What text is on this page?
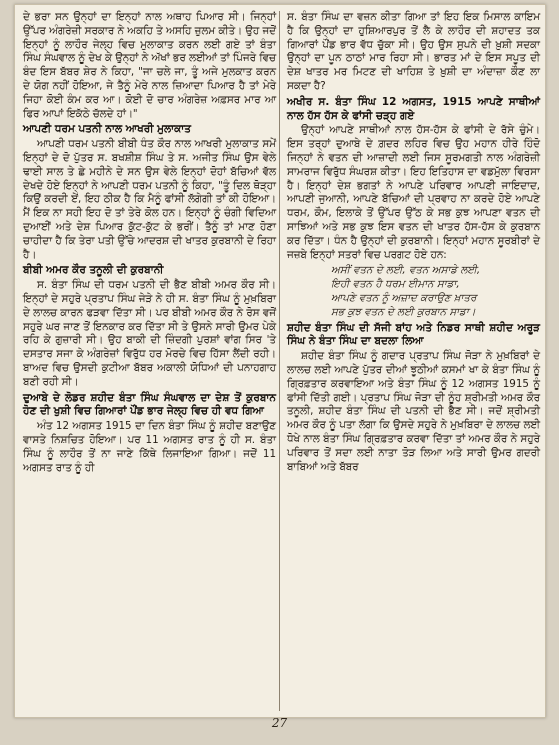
ਦੇ ਭਰਾ ਸਨ ਉਨ੍ਹਾਂ ਦਾ ਇਨ੍ਹਾਂ ਨਾਲ ਅਥਾਹ ਪਿਆਰ ਸੀ। ਜਿਨ੍ਹਾਂ ਉੱਪਰ ਅੰਗਰੇਜ਼ੀ ਸਰਕਾਰ ਨੇ ਅਕਹਿ ਤੇ ਅਸਹਿ ਜ਼ੁਲਮ ਕੀਤੇ। ਉਹ ਜਦੋਂ ਇਨ੍ਹਾਂ ਨੂੰ ਲਾਹੌਰ ਜੇਲ੍ਹ ਵਿਚ ਮੁਲਾਕਾਤ ਕਰਨ ਲਈ ਗਏ ਤਾਂ ਬੰਤਾ ਸਿੰਘ ਸੰਘਵਾਲ ਨੂੰ ਦੇਖ ਕੇ ਉਨ੍ਹਾਂ ਨੇ ਅੱਖਾਂ ਭਰ ਲਈਆਂ ਤਾਂ ਪਿੰਜਰੇ ਵਿਚ ਬੰਦ ਇਸ ਬੱਬਰ ਸ਼ੇਰ ਨੇ ਕਿਹਾ, "ਜਾ ਚਲੇ ਜਾ, ਤੂੰ ਅਜੇ ਮੁਲਕਾਤ ਕਰਨ ਦੇ ਯੋਗ ਨਹੀਂ ਹੋਇਆ, ਜੇ ਤੈਨੂੰ ਮੇਰੇ ਨਾਲ ਜ਼ਿਆਦਾ ਪਿਆਰ ਹੈ ਤਾਂ ਮੇਰੇ ਜਿਹਾ ਕੋਈ ਕੰਮ ਕਰ ਆ। ਕੋਈ ਦੋ ਚਾਰ ਅੰਗਰੇਜ਼ ਅਫ਼ਸਰ ਮਾਰ ਆ ਫਿਰ ਆਪਾਂ ਇਕੱਠੇ ਚੱਲਦੇ ਹਾਂ।"

ਆਪਣੀ ਧਰਮ ਪਤਨੀ ਨਾਲ ਆਖਰੀ ਮੁਲਾਕਾਤ

ਆਪਣੀ ਧਰਮ ਪਤਨੀ ਬੀਬੀ ਧੰਤ ਕੌਰ ਨਾਲ ਆਖਰੀ ਮੁਲਾਕਾਤ ਸਮੇਂ ਇਨ੍ਹਾਂ ਦੇ ਦੋ ਪੁੱਤਰ ਸ. ਬਖਸ਼ੀਸ਼ ਸਿੰਘ ਤੇ ਸ. ਅਜੀਤ ਸਿੰਘ ਉਸ ਵੇਲੇ ਢਾਈ ਸਾਲ ਤੇ ਛੇ ਮਹੀਨੇ ਦੇ ਸਨ ਉਸ ਵੇਲੇ ਇਨ੍ਹਾਂ ਦੋਹਾਂ ਬੱਚਿਆਂ ਵੱਲ ਦੇਖਦੇ ਹੋਏ ਇਨ੍ਹਾਂ ਨੇ ਆਪਣੀ ਧਰਮ ਪਤਨੀ ਨੂੰ ਕਿਹਾ, "ਤੂੰ ਦਿਲ ਥੋੜ੍ਹਾ ਕਿਉਂ ਕਰਦੀ ਏਂ, ਇਹ ਠੀਕ ਹੈ ਕਿ ਮੈਨੂੰ ਫਾਂਸੀ ਲੱਗੇਗੀ ਤਾਂ ਕੀ ਹੋਇਆ। ਮੈਂ ਇਕ ਨਾ ਸਹੀ ਇਹ ਦੋ ਤਾਂ ਤੇਰੇ ਕੋਲ ਹਨ। ਇਨ੍ਹਾਂ ਨੂੰ ਚੰਗੀ ਵਿਦਿਆ ਦੁਆਈਂ ਅਤੇ ਦੇਸ਼ ਪਿਆਰ ਕੁੱਟ-ਕੁੱਟ ਕੇ ਭਰੀਂ। ਤੈਨੂੰ ਤਾਂ ਮਾਣ ਹੋਣਾ ਚਾਹੀਦਾ ਹੈ ਕਿ ਤੇਰਾ ਪਤੀ ਉੱਚੇ ਆਦਰਸ਼ ਦੀ ਖਾਤਰ ਕੁਰਬਾਨੀ ਦੇ ਰਿਹਾ ਹੈ।

ਬੀਬੀ ਅਮਰ ਕੌਰ ਤਨੂਲੀ ਦੀ ਕੁਰਬਾਨੀ

ਸ. ਬੰਤਾ ਸਿੰਘ ਦੀ ਧਰਮ ਪਤਨੀ ਦੀ ਭੈਣ ਬੀਬੀ ਅਮਰ ਕੌਰ ਸੀ। ਇਨ੍ਹਾਂ ਦੇ ਸਹੁਰੇ ਪ੍ਰਤਾਪ ਸਿੰਘ ਜੇੜੇ ਨੇ ਹੀ ਸ. ਬੰਤਾ ਸਿੰਘ ਨੂੰ ਮੁਖ਼ਬਿਰਾ ਦੇ ਲਾਲਚ ਕਾਰਨ ਫੜਵਾ ਦਿੱਤਾ ਸੀ। ਪਰ ਬੀਬੀ ਅਮਰ ਕੌਰ ਨੇ ਰੋਸ ਵਜੋਂ ਸਹੁਰੇ ਘਰ ਜਾਣ ਤੋਂ ਇਨਕਾਰ ਕਰ ਦਿੱਤਾ ਸੀ ਤੇ ਉਸਨੇ ਸਾਰੀ ਉਮਰ ਪੇਕੇ ਰਹਿ ਕੇ ਗੁਜ਼ਾਰੀ ਸੀ। ਉਹ ਬਾਕੀ ਦੀ ਜ਼ਿੰਦਗੀ ਪੁਰਸ਼ਾਂ ਵਾਂਗ ਸਿਰ 'ਤੇ ਦਸਤਾਰ ਸਜਾ ਕੇ ਅੰਗਰੇਜ਼ਾਂ ਵਿਰੁੱਧ ਹਰ ਮੋਰਚੇ ਵਿਚ ਹਿੱਸਾ ਲੈਂਦੀ ਰਹੀ। ਬਾਅਦ ਵਿਚ ਉਸਦੀ ਕੁਟੀਆ ਬੱਬਰ ਅਕਾਲੀ ਯੋਧਿਆਂ ਦੀ ਪਨਾਹਗਾਹ ਬਣੀ ਰਹੀ ਸੀ।

ਦੁਆਬੇ ਦੇ ਲੋਡਰ ਸ਼ਹੀਦ ਬੰਤਾ ਸਿੰਘ ਸੰਘਵਾਲ ਦਾ ਦੇਸ਼ ਤੋਂ ਕੁਰਬਾਨ ਹੋਣ ਦੀ ਖੁਸ਼ੀ ਵਿਚ ਗਿਆਰਾਂ ਪੌਂਡ ਭਾਰ ਜੇਲ੍ਹ ਵਿਚ ਹੀ ਵਧ ਗਿਆ

ਅੰਤ 12 ਅਗਸਤ 1915 ਦਾ ਦਿਨ ਬੰਤਾ ਸਿੰਘ ਨੂੰ ਸ਼ਹੀਦ ਬਣਾਉਣ ਵਾਸਤੇ ਨਿਸ਼ਚਿਤ ਹੋਇਆ। ਪਰ 11 ਅਗਸਤ ਰਾਤ ਨੂੰ ਹੀ ਸ. ਬੰਤਾ ਸਿੰਘ ਨੂੰ ਲਾਹੌਰ ਤੋਂ ਨਾ ਜਾਣੇ ਕਿੱਥੇ ਲਿਜਾਇਆ ਗਿਆ। ਜਦੋਂ 11 ਅਗਸਤ ਰਾਤ ਨੂੰ ਹੀ

ਸ. ਬੰਤਾ ਸਿੰਘ ਦਾ ਵਜ਼ਨ ਕੀਤਾ ਗਿਆ ਤਾਂ ਇਹ ਇਕ ਮਿਸਾਲ ਕਾਇਮ ਹੈ ਕਿ ਉਨ੍ਹਾਂ ਦਾ ਹੁਸ਼ਿਆਰਪੁਰ ਤੋਂ ਲੈ ਕੇ ਲਾਹੌਰ ਦੀ ਸ਼ਹਾਦਤ ਤਕ ਗਿਆਰਾਂ ਪੌਂਡ ਭਾਰ ਵੱਧ ਚੁੱਕਾ ਸੀ। ਉਹ ਉਸ ਸੁਪਨੇ ਦੀ ਖ਼ੁਸ਼ੀ ਸਦਕਾ ਉਨ੍ਹਾਂ ਦਾ ਪੂਨ ਠਾਠਾਂ ਮਾਰ ਰਿਹਾ ਸੀ। ਭਾਰਤ ਮਾਂ ਦੇ ਇਸ ਸਪੂਤ ਦੀ ਦੇਸ਼ ਖਾਤਰ ਮਰ ਮਿਟਣ ਦੀ ਖਾਹਿਸ਼ ਤੇ ਖ਼ੁਸ਼ੀ ਦਾ ਅੰਦਾਜ਼ਾ ਕੌਣ ਲਾ ਸਕਦਾ ਹੈ?

ਅਖੀਰ ਸ. ਬੰਤਾ ਸਿੰਘ 12 ਅਗਸਤ, 1915 ਆਪਣੇ ਸਾਥੀਆਂ ਨਾਲ ਹੱਸ ਹੱਸ ਕੇ ਫਾਂਸੀ ਚੜ੍ਹ ਗਏ

ਉਨ੍ਹਾਂ ਆਪਣੇ ਸਾਥੀਆਂ ਨਾਲ ਹੱਸ-ਹੱਸ ਕੇ ਫਾਂਸੀ ਦੇ ਰੱਸੇ ਚੁੰਮੇ। ਇਸ ਤਰ੍ਹਾਂ ਦੁਆਬੇ ਦੇ ਗ਼ਦਰ ਲਹਿਰ ਵਿਚ ਉਹ ਮਹਾਨ ਹੀਰੇ ਹਿੰਦੋ ਜਿਨ੍ਹਾਂ ਨੇ ਵਤਨ ਦੀ ਆਜ਼ਾਦੀ ਲਈ ਜਿਸ ਸੂਰਮਗਤੀ ਨਾਲ ਅੰਗਰੇਜ਼ੀ ਸਾਮਰਾਜ ਵਿਰੁੱਧ ਸੰਘਰਸ਼ ਕੀਤਾ। ਇਹ ਇਤਿਹਾਸ ਦਾ ਵਡਮੁੱਲਾ ਵਿਰਸਾ ਹੈ। ਇਨ੍ਹਾਂ ਦੇਸ਼ ਭਗਤਾਂ ਨੇ ਆਪਣੇ ਪਰਿਵਾਰ ਆਪਣੀ ਜਾਇਦਾਦ, ਆਪਣੀ ਜੁਆਨੀ, ਆਪਣੇ ਬੱਚਿਆਂ ਦੀ ਪ੍ਰਵਾਹ ਨਾ ਕਰਦੇ ਹੋਏ ਆਪਣੇ ਧਰਮ, ਕੌਮ, ਇਲਾਕੇ ਤੋਂ ਉੱਪਰ ਉੱਠ ਕੇ ਸਭ ਕੁਝ ਆਪਣਾ ਵਤਨ ਦੀ ਸਾਝਿਆਂ ਅਤੇ ਸਭ ਕੁਝ ਇਸ ਵਤਨ ਦੀ ਖਾਤਰ ਹੱਸ-ਹੱਸ ਕੇ ਕੁਰਬਾਨ ਕਰ ਦਿੱਤਾ। ਧੰਨ ਹੈ ਉਨ੍ਹਾਂ ਦੀ ਕੁਰਬਾਨੀ। ਇਨ੍ਹਾਂ ਮਹਾਨ ਸੂਰਬੀਰਾਂ ਦੇ ਜਜ਼ਬੇ ਇਨ੍ਹਾਂ ਸਤਰਾਂ ਵਿਚ ਪਰਗਟ ਹੋਏ ਹਨ:

ਅਸੀਂ ਵਤਨ ਦੇ ਲਈ, ਵਤਨ ਅਸਾਡੇ ਲਈ,
ਇਹੀ ਵਤਨ ਹੈ ਧਰਮ ਈਮਾਨ ਸਾਡਾ,
ਆਪਣੇ ਵਤਨ ਨੂੰ ਅਜ਼ਾਦ ਕਰਾਉਣ ਖ਼ਾਤਰ
ਸਭ ਕੁਝ ਵਤਨ ਦੇ ਲਈ ਕੁਰਬਾਨ ਸਾਡਾ।
ਸ਼ਹੀਦ ਬੰਤਾ ਸਿੰਘ ਦੀ ਸੱਜੀ ਬਾਂਹ ਅਤੇ ਨਿਡਰ ਸਾਥੀ ਸ਼ਹੀਦ ਅਰੂੜ ਸਿੰਘ ਨੇ ਬੰਤਾ ਸਿੰਘ ਦਾ ਬਦਲਾ ਲਿਆ

ਸ਼ਹੀਦ ਬੰਤਾ ਸਿੰਘ ਨੂੰ ਗਦਾਰ ਪ੍ਰਤਾਪ ਸਿੰਘ ਜੋੜਾ ਨੇ ਮੁਖ਼ਬਿਰਾਂ ਦੇ ਲਾਲਚ ਲਈ ਆਪਣੇ ਪੁੱਤਰ ਦੀਆਂ ਝੂਠੀਆਂ ਕਸਮਾਂ ਖਾ ਕੇ ਬੰਤਾ ਸਿੰਘ ਨੂੰ ਗ੍ਰਿਫ਼ਤਾਰ ਕਰਵਾਇਆ ਅਤੇ ਬੰਤਾ ਸਿੰਘ ਨੂੰ 12 ਅਗਸਤ 1915 ਨੂੰ ਫਾਂਸੀ ਦਿੱਤੀ ਗਈ। ਪ੍ਰਤਾਪ ਸਿੰਘ ਜੋੜਾ ਦੀ ਨੂੰਹ ਸ਼੍ਰੀਮਤੀ ਅਮਰ ਕੌਰ ਤਨੂਲੀ, ਸ਼ਹੀਦ ਬੰਤਾ ਸਿੰਘ ਦੀ ਪਤਨੀ ਦੀ ਭੈਣ ਸੀ। ਜਦੋਂ ਸ਼੍ਰੀਮਤੀ ਅਮਰ ਕੌਰ ਨੂੰ ਪਤਾ ਲੱਗਾ ਕਿ ਉਸਦੇ ਸਹੁਰੇ ਨੇ ਮੁਖ਼ਬਿਰਾ ਦੇ ਲਾਲਚ ਲਈ ਧੋਖੇ ਨਾਲ ਬੰਤਾ ਸਿੰਘ ਗ੍ਰਿਫ਼ਤਾਰ ਕਰਵਾ ਦਿੱਤਾ ਤਾਂ ਅਮਰ ਕੌਰ ਨੇ ਸਹੁਰੇ ਪਰਿਵਾਰ ਤੋਂ ਸਦਾ ਲਈ ਨਾਤਾ ਤੋੜ ਲਿਆ ਅਤੇ ਸਾਰੀ ਉਮਰ ਗਦਰੀ ਬਾਬਿਆਂ ਅਤੇ ਬੱਬਰ

27
